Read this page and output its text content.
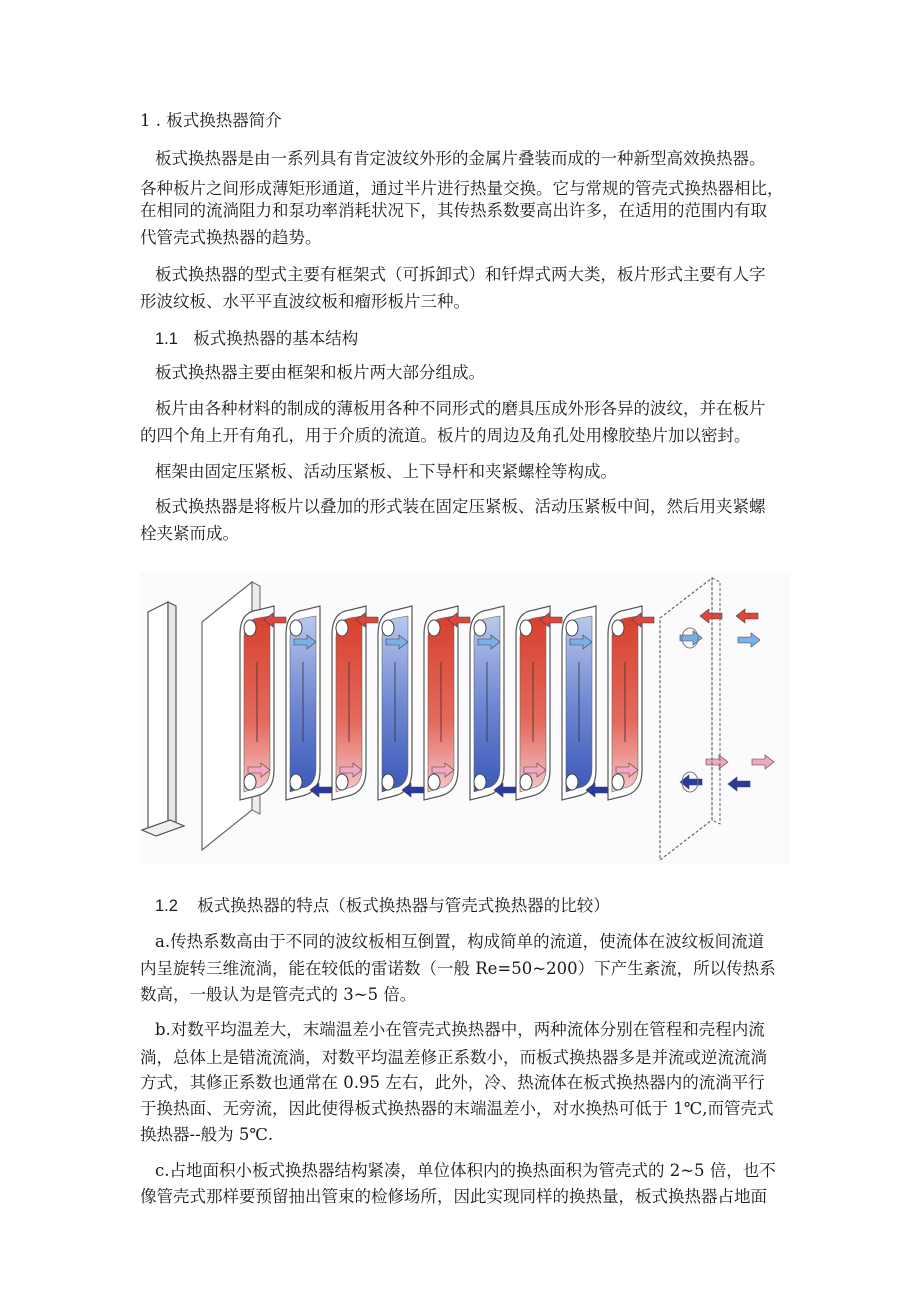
1 . 板式换热器简介
板式换热器是由一系列具有肯定波纹外形的金属片叠装而成的一种新型高效换热器。
各种板片之间形成薄矩形通道，通过半片进行热量交换。它与常规的管壳式换热器相比，
在相同的流淌阻力和泵功率消耗状况下，其传热系数要高出许多，在适用的范围内有取
代管壳式换热器的趋势。
板式换热器的型式主要有框架式（可拆卸式）和钎焊式两大类，板片形式主要有人字
形波纹板、水平平直波纹板和瘤形板片三种。
1.1 板式换热器的基本结构
板式换热器主要由框架和板片两大部分组成。
板片由各种材料的制成的薄板用各种不同形式的磨具压成外形各异的波纹，并在板片
的四个角上开有角孔，用于介质的流道。板片的周边及角孔处用橡胶垫片加以密封。
框架由固定压紧板、活动压紧板、上下导杆和夹紧螺栓等构成。
板式换热器是将板片以叠加的形式装在固定压紧板、活动压紧板中间，然后用夹紧螺
栓夹紧而成。
1.2 板式换热器的特点（板式换热器与管壳式换热器的比较）
a.传热系数高由于不同的波纹板相互倒置，构成简单的流道，使流体在波纹板间流道
内呈旋转三维流淌，能在较低的雷诺数（一般 Re=50~200）下产生紊流，所以传热系
数高，一般认为是管壳式的 3~5 倍。
b.对数平均温差大，末端温差小在管壳式换热器中，两种流体分别在管程和壳程内流
淌，总体上是错流流淌，对数平均温差修正系数小，而板式换热器多是并流或逆流流淌
方式，其修正系数也通常在 0.95 左右，此外，冷、热流体在板式换热器内的流淌平行
于换热面、无旁流，因此使得板式换热器的末端温差小，对水换热可低于 1℃,而管壳式
换热器--般为 5℃.
c.占地面积小板式换热器结构紧凑，单位体积内的换热面积为管壳式的 2~5 倍，也不
像管壳式那样要预留抽出管束的检修场所，因此实现同样的换热量，板式换热器占地面
